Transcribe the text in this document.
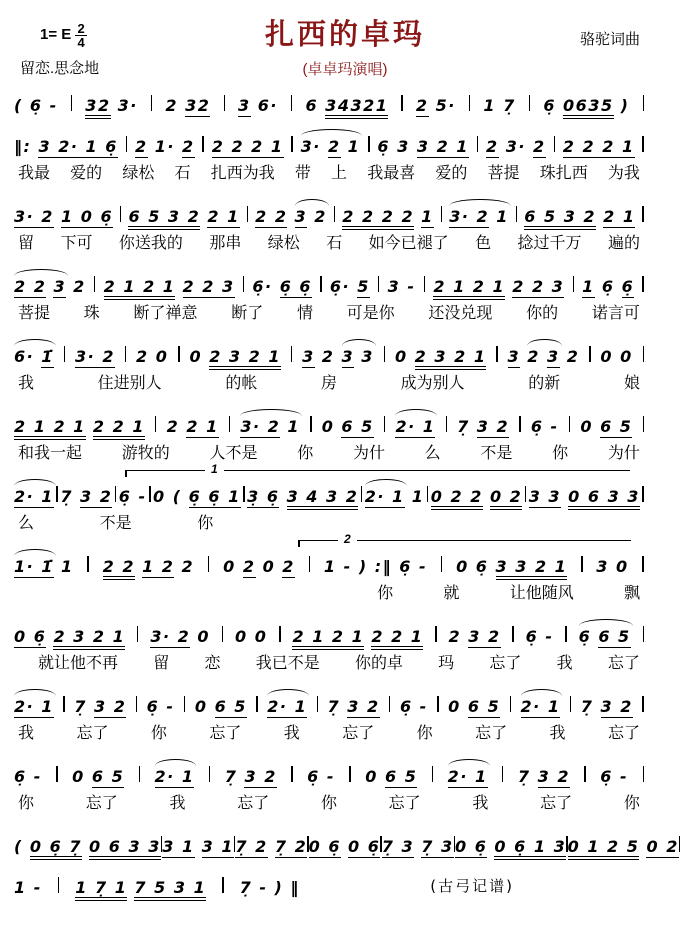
1= E $\frac{2}{4}$
留恋.思念地
扎西的卓玛
(卓卓玛演唱)
骆驼词曲
( 6 - 32 3· 2 32 3 6· 6 34321 2 5· 1 7 6 0635 )
‖: 3 2· 1 6 2 1· 2 2 2 2 1 3· 2 1 6 3 3 2 1 2 3· 2 2 2 2 1
我最 爱的 绿松 石 扎西为我 带 上 我最喜 爱的 菩提 珠扎西 为我
3· 2 1 0 6 6 5 3 2 2 1 2 2 3 2 2 2 2 2 1 3· 2 1 6 5 3 2 2 1
留 下可 你送我的 那串 绿松 石 如今已褪了 色 捻过千万 遍的
2 2 3 2 2 1 2 1 2 2 3 6· 6 6 6· 5 3 - 2 1 2 1 2 2 3 1 6 6
菩提 珠 断了禅意 断了 情 可是你 还没兑现 你的 诺言可
6· 1 3· 2 2 0 0 2 3 2 1 3 2 3 3 0 2 3 2 1 3 2 3 2 0 0
我	住进别人	的帐	房	成为别人	的新	娘
2 1 2 1 2 2 1 2 2 1 3· 2 1 0 6 5 2· 1 7 3 2 6 - 0 6 5
和我一起 游牧的 人不是 你 为什 么 不是 你 为什
1
2· 1 7 3 2 6 - 0 ( 6 6 1 3 6 3 4 3 2 2· 1 1 0 2 2 0 2 3 3 0 6 3 3
么	不是	你
2
1· 1 1 2 2 1 2 2 0 2 0 2 1 - ) :‖ 6 - 0 6 3 3 2 1 3 0
你	就	让他随风	飘
0 6 2 3 2 1 3· 2 0 0 0 2 1 2 1 2 2 1 2 3 2 6 - 6 6 5
就让他不再 留 恋 我已不是 你的卓 玛 忘了 我 忘了
2· 1 7 3 2 6 - 0 6 5 2· 1 7 3 2 6 - 0 6 5 2· 1 7 3 2
我	忘了	你	忘了	我	忘了	你	忘了	我	忘了
6 - 0 6 5 2· 1 7 3 2 6 - 0 6 5 2· 1 7 3 2 6 -
你	忘了	我	忘了	你	忘了	我	忘了	你
( 0 6 7 0 6 3 3 3 1 3 1 7 2 7 2 0 6 0 6 7 3 7 3 0 6 0 6 1 3 0 1 2 5 0 2
1 - 1 7 1 7 5 3 1 7 - ) ‖	(古弓记谱)
